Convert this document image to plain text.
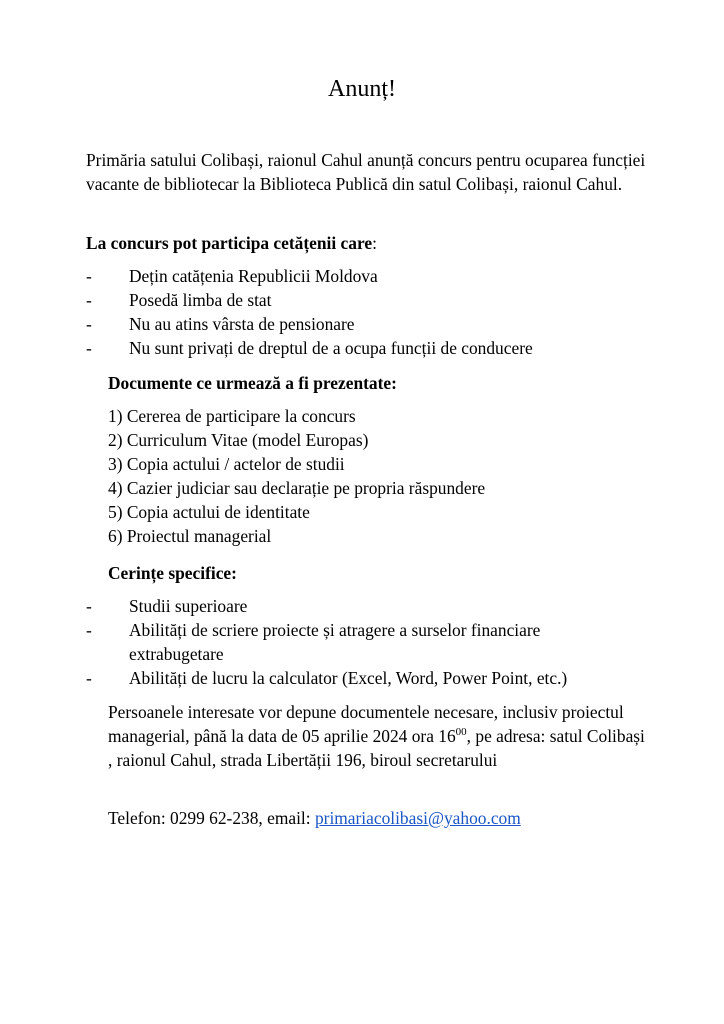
Anunț!
Primăria satului Colibași, raionul Cahul anunță concurs pentru ocuparea funcției vacante de bibliotecar la Biblioteca Publică din satul Colibași, raionul Cahul.
La concurs pot participa cetățenii care:
- Dețin catățenia Republicii Moldova
- Posedă limba de stat
- Nu au atins vârsta de pensionare
- Nu sunt privați de dreptul de a ocupa funcții de conducere
Documente ce urmează a fi prezentate:
1) Cererea de participare la concurs
2) Curriculum Vitae (model Europas)
3) Copia actului / actelor de studii
4) Cazier judiciar sau declarație pe propria răspundere
5) Copia actului de identitate
6) Proiectul managerial
Cerințe specifice:
- Studii superioare
- Abilități de scriere proiecte și atragere a surselor financiare extrabugetare
- Abilități de lucru la calculator (Excel, Word, Power Point, etc.)
Persoanele interesate vor depune documentele necesare, inclusiv proiectul managerial, până la data de 05 aprilie 2024 ora $16^{00}$, pe adresa: satul Colibași , raionul Cahul, strada Libertății 196, biroul secretarului
Telefon: 0299 62-238, email: primariacolibasi@yahoo.com
